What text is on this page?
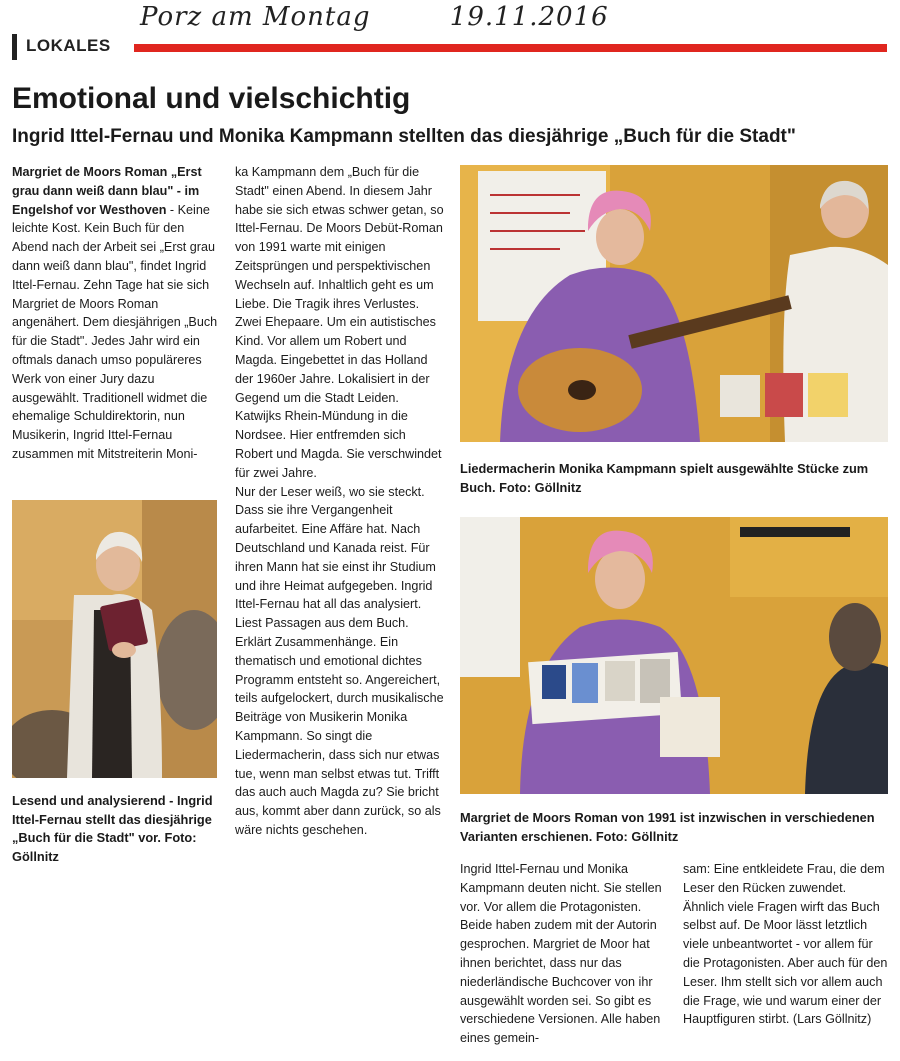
Porz am Montag	19.11.2016
LOKALES
Emotional und vielschichtig
Ingrid Ittel-Fernau und Monika Kampmann stellten das diesjährige „Buch für die Stadt"

Margriet de Moors Roman „Erst grau dann weiß dann blau" - im Engelshof vor Westhoven - Keine leichte Kost. Kein Buch für den Abend nach der Arbeit sei „Erst grau dann weiß dann blau", findet Ingrid Ittel-Fernau. Zehn Tage hat sie sich Margriet de Moors Roman angenähert. Dem diesjährigen „Buch für die Stadt". Jedes Jahr wird ein oftmals danach umso populäreres Werk von einer Jury dazu ausgewählt. Traditionell widmet die ehemalige Schuldirektorin, nun Musikerin, Ingrid Ittel-Fernau zusammen mit Mitstreiterin Moni-

ka Kampmann dem „Buch für die Stadt" einen Abend. In diesem Jahr habe sie sich etwas schwer getan, so Ittel-Fernau. De Moors Debüt-Roman von 1991 warte mit einigen Zeitsprüngen und perspektivischen Wechseln auf. Inhaltlich geht es um Liebe. Die Tragik ihres Verlustes. Zwei Ehepaare. Um ein autistisches Kind. Vor allem um Robert und Magda. Eingebettet in das Holland der 1960er Jahre. Lokalisiert in der Gegend um die Stadt Leiden. Katwijks Rhein-Mündung in die Nordsee. Hier entfremden sich Robert und Magda. Sie verschwindet für zwei Jahre.

Nur der Leser weiß, wo sie steckt. Dass sie ihre Vergangenheit aufarbeitet. Eine Affäre hat. Nach Deutschland und Kanada reist. Für ihren Mann hat sie einst ihr Studium und ihre Heimat aufgegeben. Ingrid Ittel-Fernau hat all das analysiert. Liest Passagen aus dem Buch. Erklärt Zusammenhänge. Ein thematisch und emotional dichtes Programm entsteht so. Angereichert, teils aufgelockert, durch musikalische Beiträge von Musikerin Monika Kampmann. So singt die Liedermacherin, dass sich nur etwas tue, wenn man selbst etwas tut. Trifft das auch auch Magda zu? Sie bricht aus, kommt aber dann zurück, so als wäre nichts geschehen.

Ingrid Ittel-Fernau und Monika Kampmann deuten nicht. Sie stellen vor. Vor allem die Protagonisten. Beide haben zudem mit der Autorin gesprochen. Margriet de Moor hat ihnen berichtet, dass nur das niederländische Buchcover von ihr ausgewählt worden sei. So gibt es verschiedene Versionen. Alle haben eines gemein-

sam: Eine entkleidete Frau, die dem Leser den Rücken zuwendet. Ähnlich viele Fragen wirft das Buch selbst auf. De Moor lässt letztlich viele unbeantwortet - vor allem für die Protagonisten. Aber auch für den Leser. Ihm stellt sich vor allem auch die Frage, wie und warum einer der Hauptfiguren stirbt. (Lars Göllnitz)

Lesend und analysierend - Ingrid Ittel-Fernau stellt das diesjährige „Buch für die Stadt" vor. Foto: Göllnitz

Liedermacherin Monika Kampmann spielt ausgewählte Stücke zum Buch. Foto: Göllnitz

Margriet de Moors Roman von 1991 ist inzwischen in verschiedenen Varianten erschienen. Foto: Göllnitz
